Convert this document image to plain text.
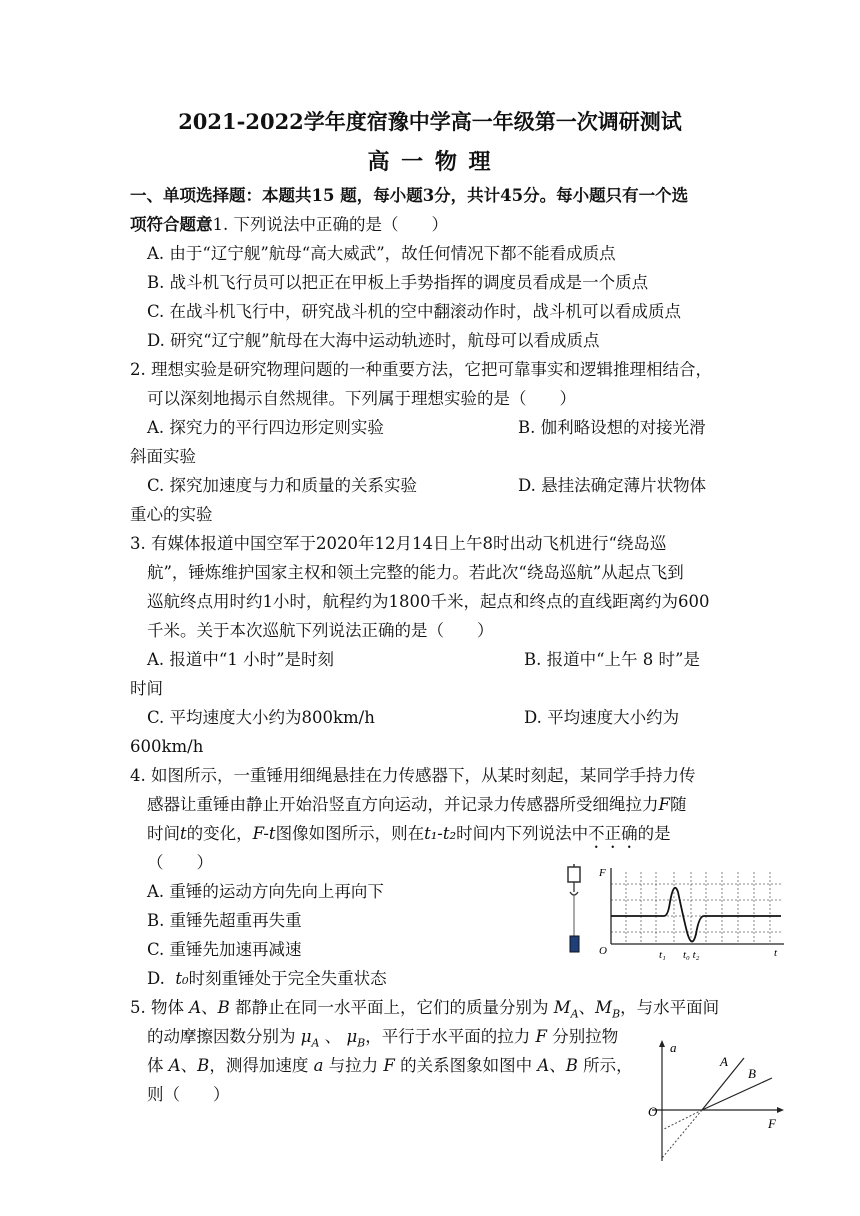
2021-2022学年度宿豫中学高一年级第一次调研测试
高 一 物 理
一、单项选择题：本题共15 题，每小题3分，共计45分。每小题只有一个选
项符合题意1. 下列说法中正确的是（　　）
A. 由于“辽宁舰”航母“高大威武”，故任何情况下都不能看成质点
B. 战斗机飞行员可以把正在甲板上手势指挥的调度员看成是一个质点
C. 在战斗机飞行中，研究战斗机的空中翻滚动作时，战斗机可以看成质点
D. 研究“辽宁舰”航母在大海中运动轨迹时，航母可以看成质点
2. 理想实验是研究物理问题的一种重要方法，它把可靠事实和逻辑推理相结合，
可以深刻地揭示自然规律。下列属于理想实验的是（　　）
A. 探究力的平行四边形定则实验	B. 伽利略设想的对接光滑
斜面实验
C. 探究加速度与力和质量的关系实验	D. 悬挂法确定薄片状物体
重心的实验
3. 有媒体报道中国空军于2020年12月14日上午8时出动飞机进行“绕岛巡
航”，锤炼维护国家主权和领土完整的能力。若此次“绕岛巡航”从起点飞到
巡航终点用时约1小时，航程约为1800千米，起点和终点的直线距离约为600
千米。关于本次巡航下列说法正确的是（　　）
A. 报道中“1 小时”是时刻	B. 报道中“上午 8 时”是
时间
C. 平均速度大小约为800km/h	D. 平均速度大小约为
600km/h
4. 如图所示，一重锤用细绳悬挂在力传感器下，从某时刻起，某同学手持力传
感器让重锤由静止开始沿竖直方向运动，并记录力传感器所受细绳拉力F随
时间t的变化，F-t图像如图所示，则在t₁-t₂时间内下列说法中不正确的是
（　　）
A. 重锤的运动方向先向上再向下
B. 重锤先超重再失重
C. 重锤先加速再减速
D. t₀时刻重锤处于完全失重状态
F
O	t₁ t₀ t₂	t
5. 物体 A、B 都静止在同一水平面上，它们的质量分别为 $M_A$、$M_B$，与水平面间
的动摩擦因数分别为 $\mu_A$ 、 $\mu_B$，平行于水平面的拉力 F 分别拉物
体 A、B，测得加速度 a 与拉力 F 的关系图象如图中 A、B 所示，
则（　　）
a
A
B
O
F
